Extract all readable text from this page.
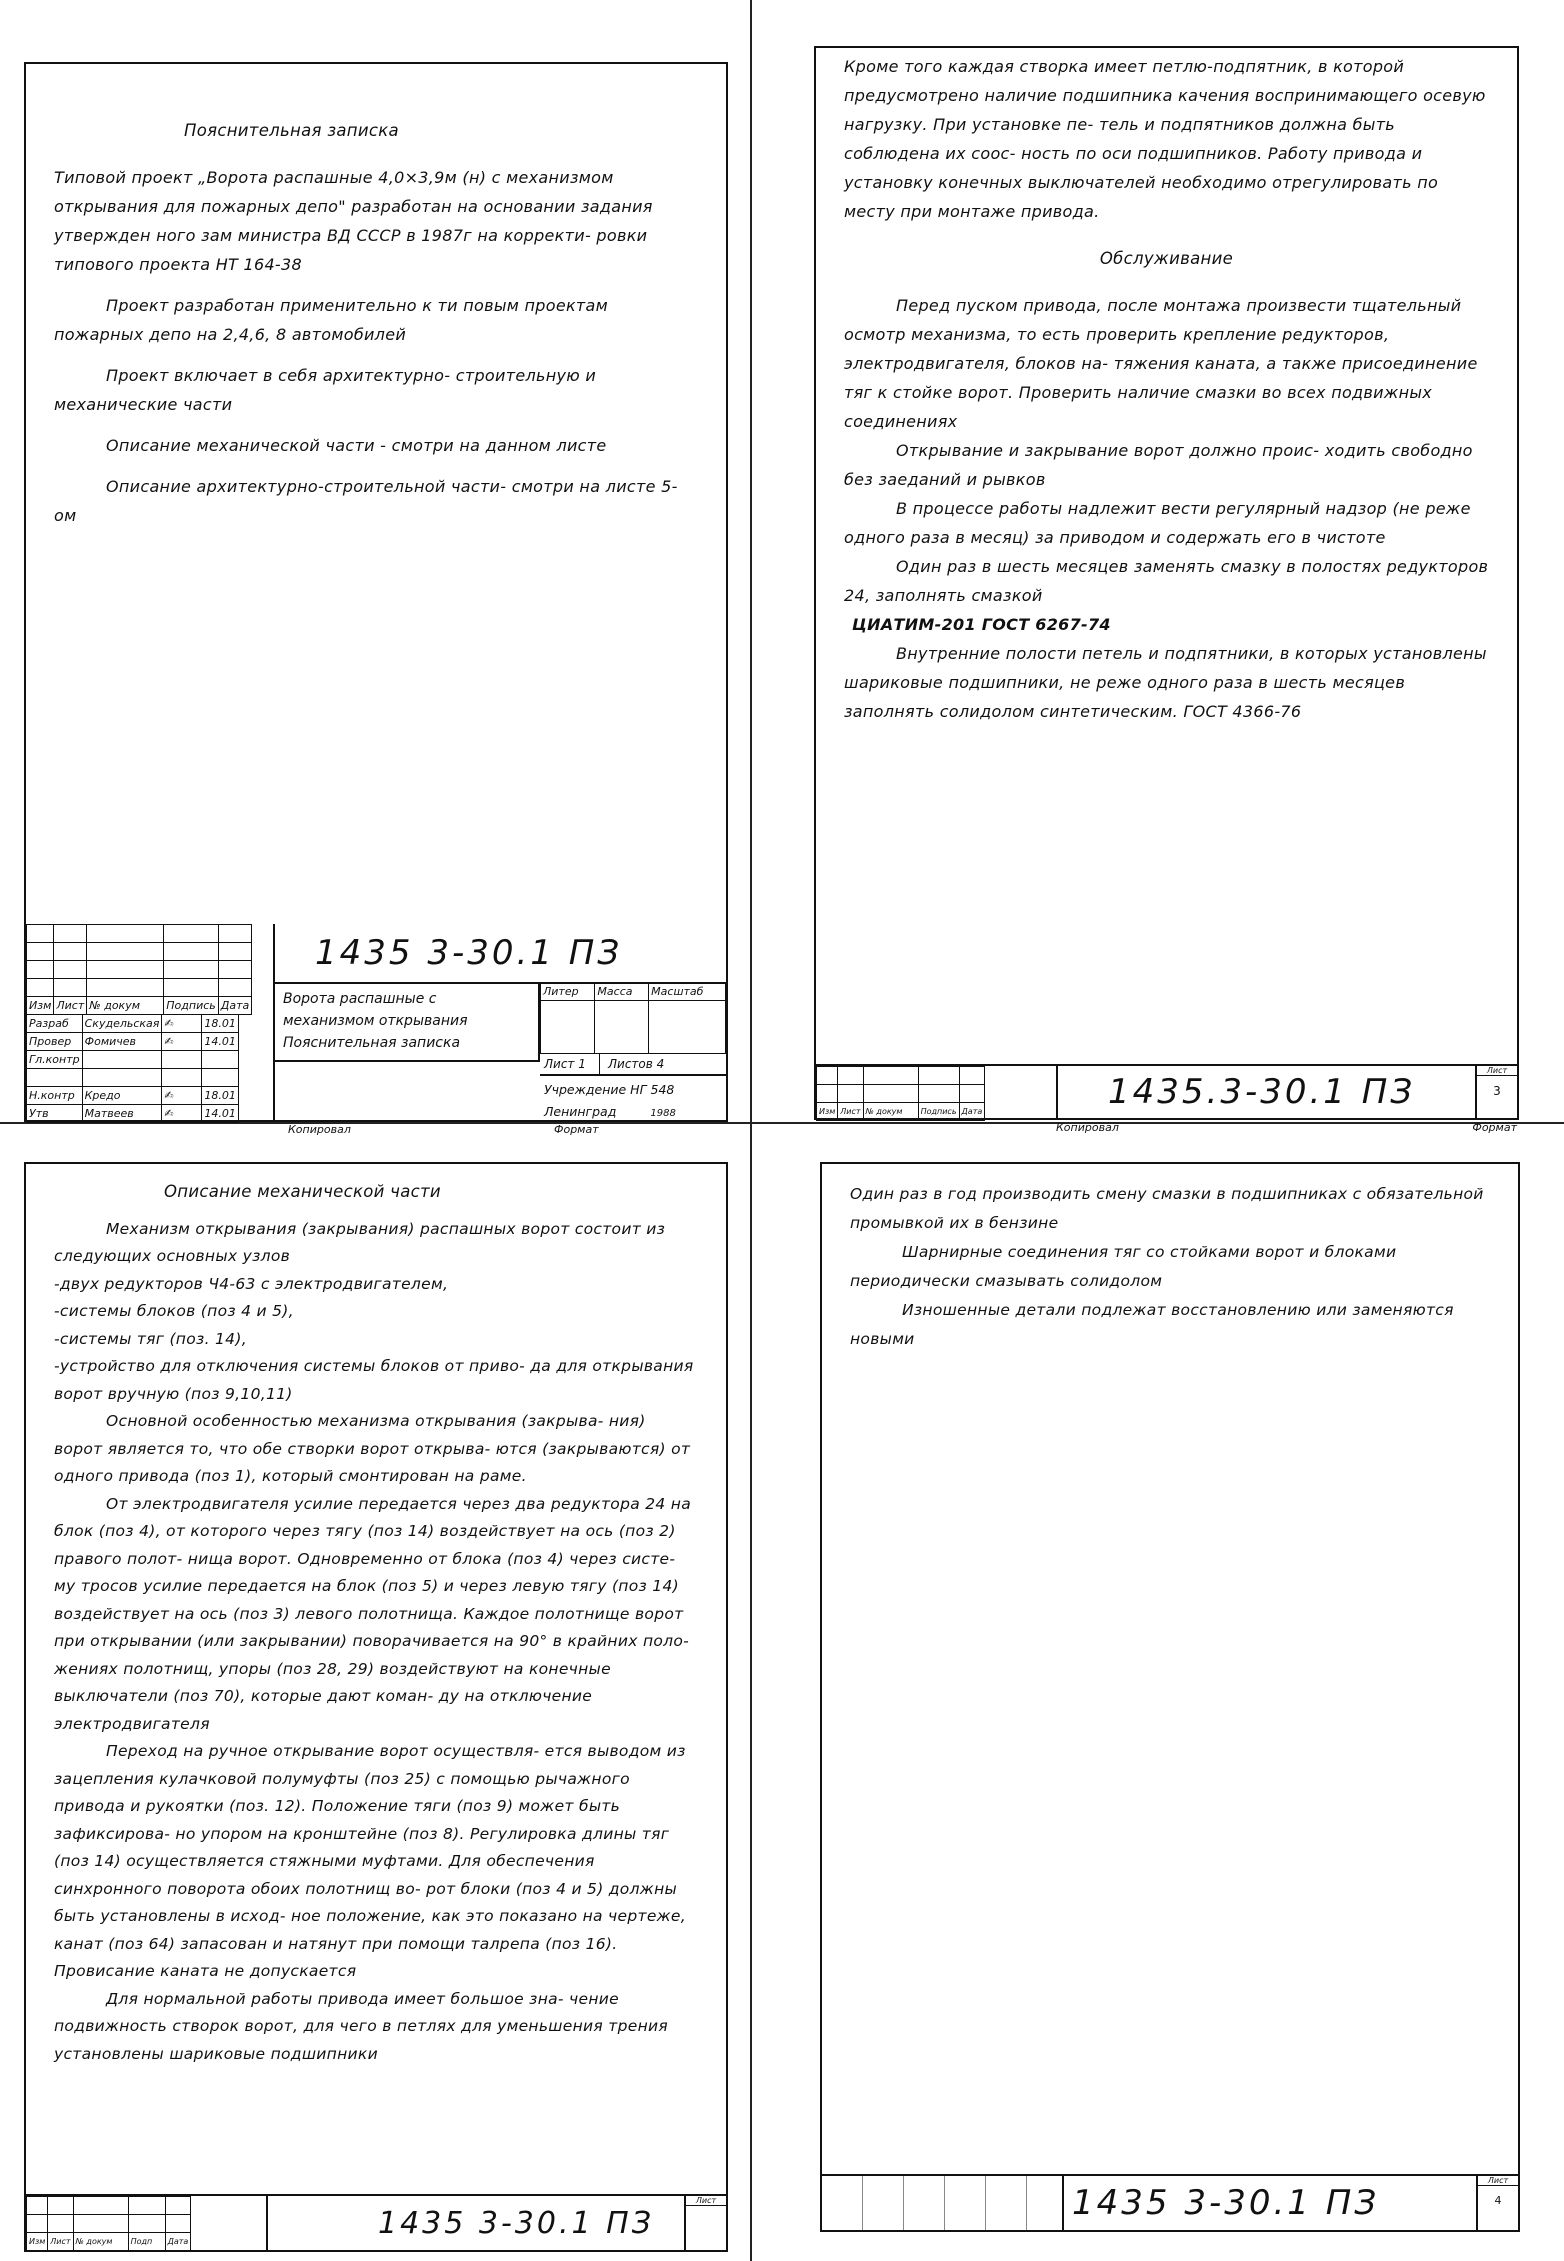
Пояснительная записка

Типовой проект „Ворота распашные 4,0×3,9м (н) с механизмом открывания для пожарных депо" разработан на основании задания утвержден ного зам министра ВД СССР в 1987г на корректи- ровки типового проекта НТ 164-38

Проект разработан применительно к ти повым проектам пожарных депо на 2,4,6, 8 автомобилей

Проект включает в себя архитектурно- строительную и механические части

Описание механической части - смотри на данном листе

Описание архитектурно-строительной части- смотри на листе 5-ом

Изм	Лист	№ докум	Подпись	Дата
Разраб	Скудельская	✍	18.01
Провер	Фомичев	✍	14.01
Гл.контр			

Н.контр	Кредо	✍	18.01
Утв	Матвеев	✍	14.01
1435 3-30.1 ПЗ
Ворота распашные с
механизмом открывания
Пояснительная записка
Литер	Масса	Масштаб

Лист 1	Листов 4
Учреждение НГ 548
Ленинград	1988
Копировал	Формат

Кроме того каждая створка имеет петлю-подпятник, в которой предусмотрено наличие подшипника качения воспринимающего осевую нагрузку. При установке пе- тель и подпятников должна быть соблюдена их соос- ность по оси подшипников. Работу привода и установку конечных выключателей необходимо отрегулировать по месту при монтаже привода.

Обслуживание

Перед пуском привода, после монтажа произвести тщательный осмотр механизма, то есть проверить крепление редукторов, электродвигателя, блоков на- тяжения каната, а также присоединение тяг к стойке ворот. Проверить наличие смазки во всех подвижных соединениях

Открывание и закрывание ворот должно проис- ходить свободно без заеданий и рывков

В процессе работы надлежит вести регулярный надзор (не реже одного раза в месяц) за приводом и содержать его в чистоте

Один раз в шесть месяцев заменять смазку в полостях редукторов 24, заполнять смазкой

ЦИАТИМ-201 ГОСТ 6267-74

Внутренние полости петель и подпятники, в которых установлены шариковые подшипники, не реже одного раза в шесть месяцев заполнять солидолом синтетическим. ГОСТ 4366-76

Изм	Лист	№ докум	Подпись	Дата	1435.3-30.1 ПЗ
Лист
3
Копировал	Формат
Описание механической части

Механизм открывания (закрывания) распашных ворот состоит из следующих основных узлов

-двух редукторов Ч4-63 с электродвигателем,

-системы блоков (поз 4 и 5),

-системы тяг (поз. 14),

-устройство для отключения системы блоков от приво- да для открывания ворот вручную (поз 9,10,11)

Основной особенностью механизма открывания (закрыва- ния) ворот является то, что обе створки ворот открыва- ются (закрываются) от одного привода (поз 1), который смонтирован на раме.

От электродвигателя усилие передается через два редуктора 24 на блок (поз 4), от которого через тягу (поз 14) воздействует на ось (поз 2) правого полот- нища ворот. Одновременно от блока (поз 4) через систе- му тросов усилие передается на блок (поз 5) и через левую тягу (поз 14) воздействует на ось (поз 3) левого полотнища. Каждое полотнище ворот при открывании (или закрывании) поворачивается на 90° в крайних поло- жениях полотнищ, упоры (поз 28, 29) воздействуют на конечные выключатели (поз 70), которые дают коман- ду на отключение электродвигателя

Переход на ручное открывание ворот осуществля- ется выводом из зацепления кулачковой полумуфты (поз 25) с помощью рычажного привода и рукоятки (поз. 12). Положение тяги (поз 9) может быть зафиксирова- но упором на кронштейне (поз 8). Регулировка длины тяг (поз 14) осуществляется стяжными муфтами. Для обеспечения синхронного поворота обоих полотнищ во- рот блоки (поз 4 и 5) должны быть установлены в исход- ное положение, как это показано на чертеже, канат (поз 64) запасован и натянут при помощи талрепа (поз 16). Провисание каната не допускается

Для нормальной работы привода имеет большое зна- чение подвижность створок ворот, для чего в петлях для уменьшения трения установлены шариковые подшипники

Изм	Лист	№ докум	Подп	Дата
1435 3-30.1 ПЗ
Лист

Один раз в год производить смену смазки в подшипниках с обязательной промывкой их в бензине

Шарнирные соединения тяг со стойками ворот и блоками периодически смазывать солидолом

Изношенные детали подлежат восстановлению или заменяются новыми

1435 3-30.1 ПЗ
Лист
4
